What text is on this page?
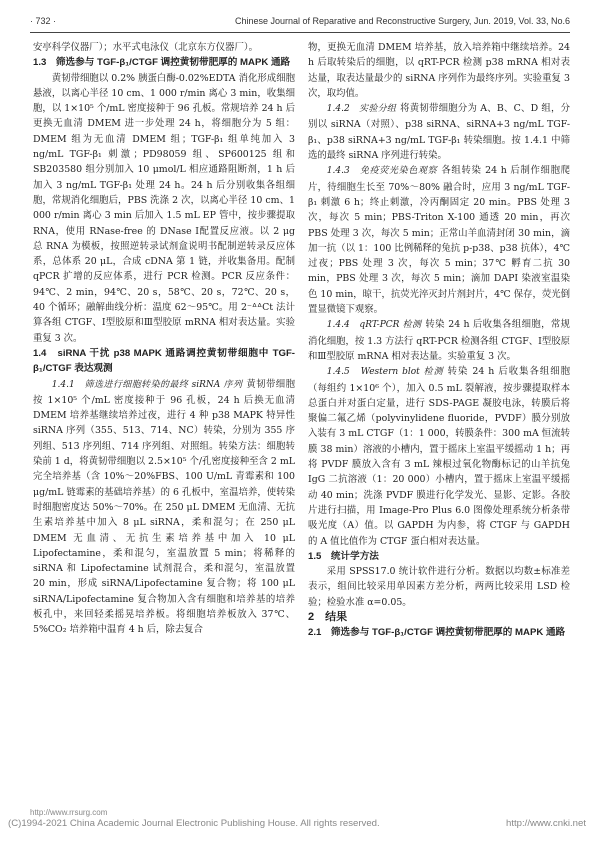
· 732 ·	Chinese Journal of Reparative and Reconstructive Surgery, Jun. 2019, Vol. 33, No.6

安亭科学仪器厂）；水平式电泳仪（北京东方仪器厂）。

1.3　筛选参与 TGF-β₁/CTGF 调控黄韧带肥厚的 MAPK 通路

黄韧带细胞以 0.2% 胰蛋白酶-0.02%EDTA 消化形成细胞悬液，以离心半径 10 cm、1 000 r/min 离心 3 min，收集细胞，以 1×10⁵ 个/mL 密度接种于 96 孔板。常规培养 24 h 后更换无血清 DMEM 进一步处理 24 h，将细胞分为 5 组：DMEM 组为无血清 DMEM 组；TGF-β₁ 组单纯加入 3 ng/mL TGF-β₁ 刺激；PD98059 组、SP600125 组和 SB203580 组分别加入 10 μmol/L 相应通路阻断剂，1 h 后加入 3 ng/mL TGF-β₁ 处理 24 h。24 h 后分别收集各组细胞，常规消化细胞后，PBS 洗涤 2 次，以离心半径 10 cm、1 000 r/min 离心 3 min 后加入 1.5 mL EP 管中，按步骤提取 RNA，使用 RNase-free 的 DNase Ⅰ配置反应液。以 2 μg 总 RNA 为模板，按照逆转录试剂盒说明书配制逆转录反应体系，总体系 20 μL，合成 cDNA 第 1 链，并收集备用。配制 qPCR 扩增的反应体系，进行 PCR 检测。PCR 反应条件：94℃、2 min，94℃、20 s，58℃、20 s，72℃、20 s，40 个循环；融解曲线分析：温度 62～95℃。用 2⁻ᐞᐞCt 法计算各组 CTGF、Ⅰ型胶原和Ⅲ型胶原 mRNA 相对表达量。实验重复 3 次。

1.4　siRNA 干扰 p38 MAPK 通路调控黄韧带细胞中 TGF-β₁/CTGF 表达观测

1.4.1　筛选进行细胞转染的最终 siRNA 序列 黄韧带细胞按 1×10⁵ 个/mL 密度接种于 96 孔板，24 h 后换无血清 DMEM 培养基继续培养过夜，进行 4 种 p38 MAPK 特异性 siRNA 序列（355、513、714、NC）转染，分别为 355 序列组、513 序列组、714 序列组、对照组。转染方法：细胞转染前 1 d，将黄韧带细胞以 2.5×10⁵ 个/孔密度接种至含 2 mL 完全培养基（含 10%～20%FBS、100 U/mL 青霉素和 100 μg/mL 链霉素的基础培养基）的 6 孔板中，室温培养，使转染时细胞密度达 50%～70%。在 250 μL DMEM 无血清、无抗生素培养基中加入 8 μL siRNA，柔和混匀；在 250 μL DMEM 无血清、无抗生素培养基中加入 10 μL Lipofectamine，柔和混匀，室温放置 5 min；将稀释的 siRNA 和 Lipofectamine 试剂混合，柔和混匀，室温放置 20 min，形成 siRNA/Lipofectamine 复合物；将 100 μL siRNA/Lipofectamine 复合物加入含有细胞和培养基的培养板孔中，来回轻柔摇晃培养板。将细胞培养板放入 37℃、5%CO₂ 培养箱中温育 4 h 后，除去复合

物，更换无血清 DMEM 培养基，放入培养箱中继续培养。24 h 后取转染后的细胞，以 qRT-PCR 检测 p38 mRNA 相对表达量，取表达量最少的 siRNA 序列作为最终序列。实验重复 3 次，取均值。

1.4.2　实验分组 将黄韧带细胞分为 A、B、C、D 组，分别以 siRNA（对照）、p38 siRNA、siRNA+3 ng/mL TGF-β₁、p38 siRNA+3 ng/mL TGF-β₁ 转染细胞。按 1.4.1 中筛选的最终 siRNA 序列进行转染。

1.4.3　免疫荧光染色观察 各组转染 24 h 后制作细胞爬片，待细胞生长至 70%～80% 融合时，应用 3 ng/mL TGF-β₁ 刺激 6 h；终止刺激，冷丙酮固定 20 min。PBS 处理 3 次，每次 5 min；PBS-Triton X-100 通透 20 min，再次 PBS 处理 3 次，每次 5 min；正常山羊血清封闭 30 min，滴加一抗（以 1：100 比例稀释的兔抗 p-p38、p38 抗体），4℃ 过夜；PBS 处理 3 次，每次 5 min；37℃ 孵育二抗 30 min，PBS 处理 3 次，每次 5 min；滴加 DAPI 染液室温染色 10 min，晾干，抗荧光淬灭封片剂封片，4℃ 保存，荧光倒置显微镜下观察。

1.4.4　qRT-PCR 检测 转染 24 h 后收集各组细胞，常规消化细胞，按 1.3 方法行 qRT-PCR 检测各组 CTGF、Ⅰ型胶原和Ⅲ型胶原 mRNA 相对表达量。实验重复 3 次。

1.4.5　Western blot 检测 转染 24 h 后收集各组细胞（每组约 1×10⁶ 个），加入 0.5 mL 裂解液，按步骤提取样本总蛋白并对蛋白定量，进行 SDS-PAGE 凝胶电泳，转膜后将聚偏二氟乙烯（polyvinylidene fluoride，PVDF）膜分别放入装有 3 mL CTGF（1：1 000，转膜条件：300 mA 恒流转膜 38 min）溶液的小槽内，置于摇床上室温平缓摇动 1 h；再将 PVDF 膜放入含有 3 mL 辣根过氧化物酶标记的山羊抗兔 IgG 二抗溶液（1：20 000）小槽内，置于摇床上室温平缓摇动 40 min；洗涤 PVDF 膜进行化学发光、显影、定影。各胶片进行扫描，用 Image-Pro Plus 6.0 图像处理系统分析条带吸光度（A）值。以 GAPDH 为内参，将 CTGF 与 GAPDH 的 A 值比值作为 CTGF 蛋白相对表达量。

1.5　统计学方法

采用 SPSS17.0 统计软件进行分析。数据以均数±标准差表示，组间比较采用单因素方差分析，两两比较采用 LSD 检验；检验水准 α=0.05。

2　结果

2.1　筛选参与 TGF-β₁/CTGF 调控黄韧带肥厚的 MAPK 通路

http://www.rrsurg.com
(C)1994-2021 China Academic Journal Electronic Publishing House. All rights reserved.	http://www.cnki.net
